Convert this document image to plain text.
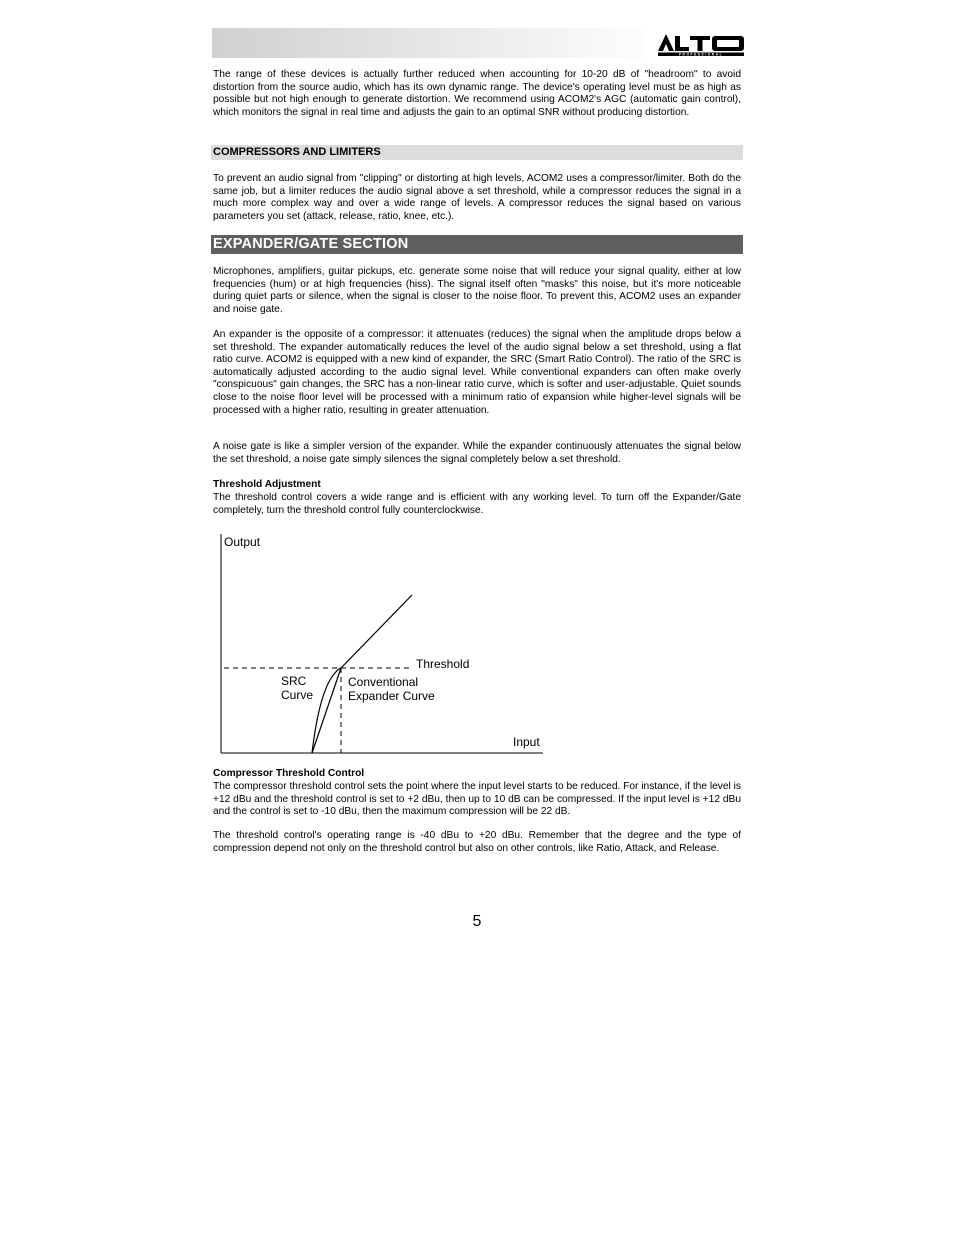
PROFESSIONAL

The range of these devices is actually further reduced when accounting for 10-20 dB of "headroom" to avoid distortion from the source audio, which has its own dynamic range. The device's operating level must be as high as possible but not high enough to generate distortion. We recommend using ACOM2's AGC (automatic gain control), which monitors the signal in real time and adjusts the gain to an optimal SNR without producing distortion.

COMPRESSORS AND LIMITERS

To prevent an audio signal from "clipping" or distorting at high levels, ACOM2 uses a compressor/limiter. Both do the same job, but a limiter reduces the audio signal above a set threshold, while a compressor reduces the signal in a much more complex way and over a wide range of levels. A compressor reduces the signal based on various parameters you set (attack, release, ratio, knee, etc.).

EXPANDER/GATE SECTION

Microphones, amplifiers, guitar pickups, etc. generate some noise that will reduce your signal quality, either at low frequencies (hum) or at high frequencies (hiss). The signal itself often "masks" this noise, but it's more noticeable during quiet parts or silence, when the signal is closer to the noise floor. To prevent this, ACOM2 uses an expander and noise gate.

An expander is the opposite of a compressor: it attenuates (reduces) the signal when the amplitude drops below a set threshold. The expander automatically reduces the level of the audio signal below a set threshold, using a flat ratio curve. ACOM2 is equipped with a new kind of expander, the SRC (Smart Ratio Control). The ratio of the SRC is automatically adjusted according to the audio signal level. While conventional expanders can often make overly "conspicuous" gain changes, the SRC has a non-linear ratio curve, which is softer and user-adjustable. Quiet sounds close to the noise floor level will be processed with a minimum ratio of expansion while higher-level signals will be processed with a higher ratio, resulting in greater attenuation.

A noise gate is like a simpler version of the expander. While the expander continuously attenuates the signal below the set threshold, a noise gate simply silences the signal completely below a set threshold.

Threshold Adjustment

The threshold control covers a wide range and is efficient with any working level. To turn off the Expander/Gate completely, turn the threshold control fully counterclockwise.

Output
Input
Threshold
SRC
Curve
Conventional
Expander Curve
Compressor Threshold Control

The compressor threshold control sets the point where the input level starts to be reduced. For instance, if the level is +12 dBu and the threshold control is set to +2 dBu, then up to 10 dB can be compressed. If the input level is +12 dBu and the control is set to -10 dBu, then the maximum compression will be 22 dB.

The threshold control's operating range is -40 dBu to +20 dBu. Remember that the degree and the type of compression depend not only on the threshold control but also on other controls, like Ratio, Attack, and Release.

5
